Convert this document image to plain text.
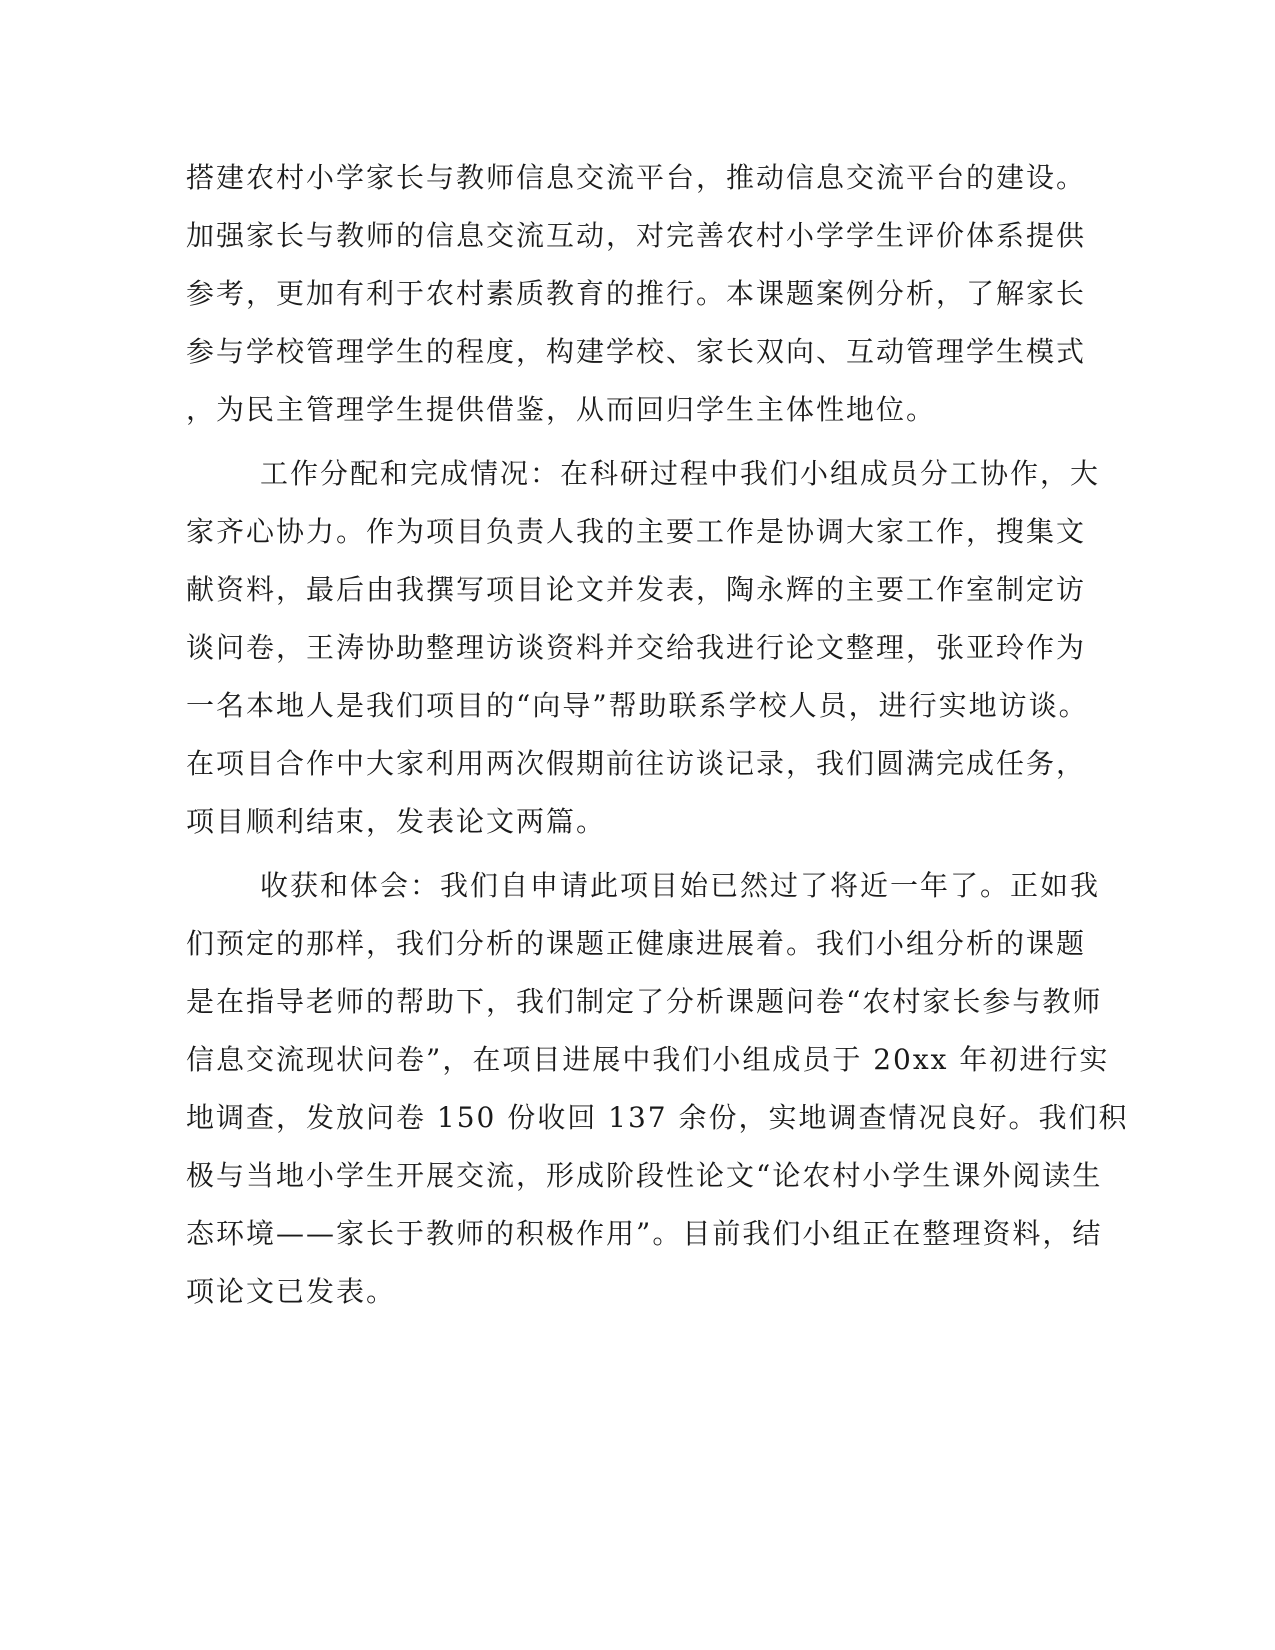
搭建农村小学家长与教师信息交流平台，推动信息交流平台的建设。
加强家长与教师的信息交流互动，对完善农村小学学生评价体系提供
参考，更加有利于农村素质教育的推行。本课题案例分析，了解家长
参与学校管理学生的程度，构建学校、家长双向、互动管理学生模式
，为民主管理学生提供借鉴，从而回归学生主体性地位。
工作分配和完成情况：在科研过程中我们小组成员分工协作，大
家齐心协力。作为项目负责人我的主要工作是协调大家工作，搜集文
献资料，最后由我撰写项目论文并发表，陶永辉的主要工作室制定访
谈问卷，王涛协助整理访谈资料并交给我进行论文整理，张亚玲作为
一名本地人是我们项目的“向导”帮助联系学校人员，进行实地访谈。
在项目合作中大家利用两次假期前往访谈记录，我们圆满完成任务，
项目顺利结束，发表论文两篇。
收获和体会：我们自申请此项目始已然过了将近一年了。正如我
们预定的那样，我们分析的课题正健康进展着。我们小组分析的课题
是在指导老师的帮助下，我们制定了分析课题问卷“农村家长参与教师
信息交流现状问卷”，在项目进展中我们小组成员于 20xx 年初进行实
地调查，发放问卷 150 份收回 137 余份，实地调查情况良好。我们积
极与当地小学生开展交流，形成阶段性论文“论农村小学生课外阅读生
态环境——家长于教师的积极作用”。目前我们小组正在整理资料，结
项论文已发表。
